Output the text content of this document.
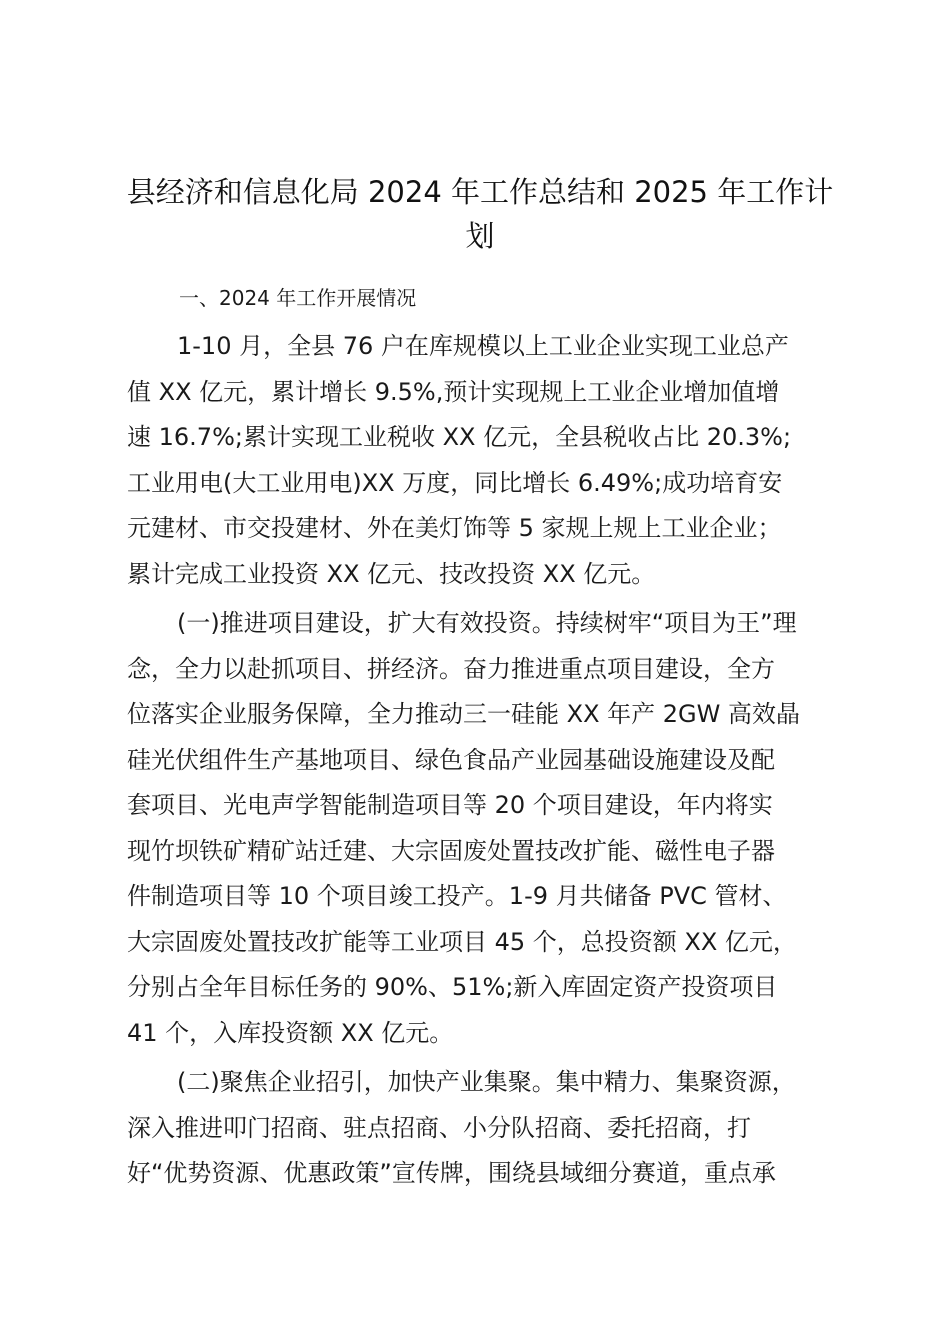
县经济和信息化局 2024 年工作总结和 2025 年工作计
划
一、2024 年工作开展情况

1-10 月，全县 76 户在库规模以上工业企业实现工业总产
值 XX 亿元，累计增长 9.5%,预计实现规上工业企业增加值增
速 16.7%;累计实现工业税收 XX 亿元，全县税收占比 20.3%;
工业用电(大工业用电)XX 万度，同比增长 6.49%;成功培育安
元建材、市交投建材、外在美灯饰等 5 家规上规上工业企业；
累计完成工业投资 XX 亿元、技改投资 XX 亿元。

(一)推进项目建设，扩大有效投资。持续树牢“项目为王”理
念，全力以赴抓项目、拼经济。奋力推进重点项目建设，全方
位落实企业服务保障，全力推动三一硅能 XX 年产 2GW 高效晶
硅光伏组件生产基地项目、绿色食品产业园基础设施建设及配
套项目、光电声学智能制造项目等 20 个项目建设，年内将实
现竹坝铁矿精矿站迁建、大宗固废处置技改扩能、磁性电子器
件制造项目等 10 个项目竣工投产。1-9 月共储备 PVC 管材、
大宗固废处置技改扩能等工业项目 45 个，总投资额 XX 亿元，
分别占全年目标任务的 90%、51%;新入库固定资产投资项目
41 个，入库投资额 XX 亿元。

(二)聚焦企业招引，加快产业集聚。集中精力、集聚资源，
深入推进叩门招商、驻点招商、小分队招商、委托招商，打
好“优势资源、优惠政策”宣传牌，围绕县域细分赛道，重点承
